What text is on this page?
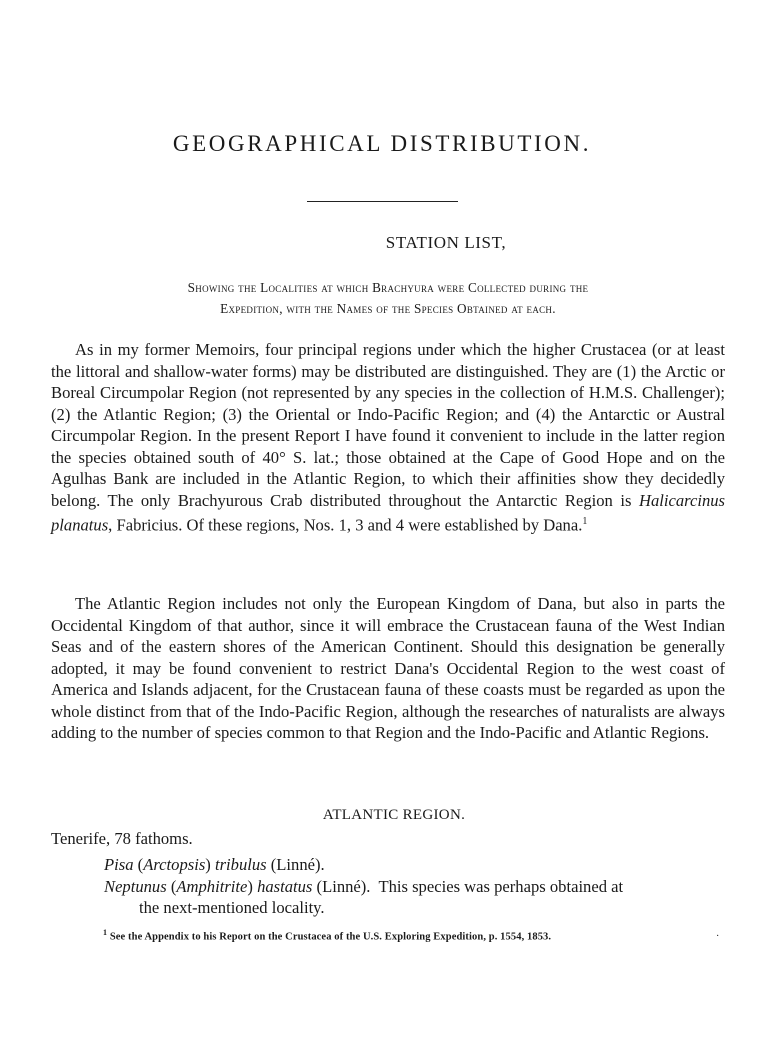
GEOGRAPHICAL DISTRIBUTION.
STATION LIST,
Showing the Localities at which Brachyura were Collected during the
Expedition, with the Names of the Species Obtained at each.

As in my former Memoirs, four principal regions under which the higher Crustacea (or at least the littoral and shallow-water forms) may be distributed are distinguished. They are (1) the Arctic or Boreal Circumpolar Region (not represented by any species in the collection of H.M.S. Challenger); (2) the Atlantic Region; (3) the Oriental or Indo-Pacific Region; and (4) the Antarctic or Austral Circumpolar Region. In the present Report I have found it convenient to include in the latter region the species obtained south of 40° S. lat.; those obtained at the Cape of Good Hope and on the Agulhas Bank are included in the Atlantic Region, to which their affinities show they decidedly belong. The only Brachyurous Crab distributed throughout the Antarctic Region is Halicarcinus planatus, Fabricius. Of these regions, Nos. 1, 3 and 4 were established by Dana.$^1$

The Atlantic Region includes not only the European Kingdom of Dana, but also in parts the Occidental Kingdom of that author, since it will embrace the Crustacean fauna of the West Indian Seas and of the eastern shores of the American Continent. Should this designation be generally adopted, it may be found convenient to restrict Dana's Occidental Region to the west coast of America and Islands adjacent, for the Crustacean fauna of these coasts must be regarded as upon the whole distinct from that of the Indo-Pacific Region, although the researches of naturalists are always adding to the number of species common to that Region and the Indo-Pacific and Atlantic Regions.

ATLANTIC REGION.
Tenerife, 78 fathoms.
Pisa (Arctopsis) tribulus (Linné).
Neptunus (Amphitrite) hastatus (Linné). This species was perhaps obtained at
the next-mentioned locality.
$^1$ See the Appendix to his Report on the Crustacea of the U.S. Exploring Expedition, p. 1554, 1853.	·
